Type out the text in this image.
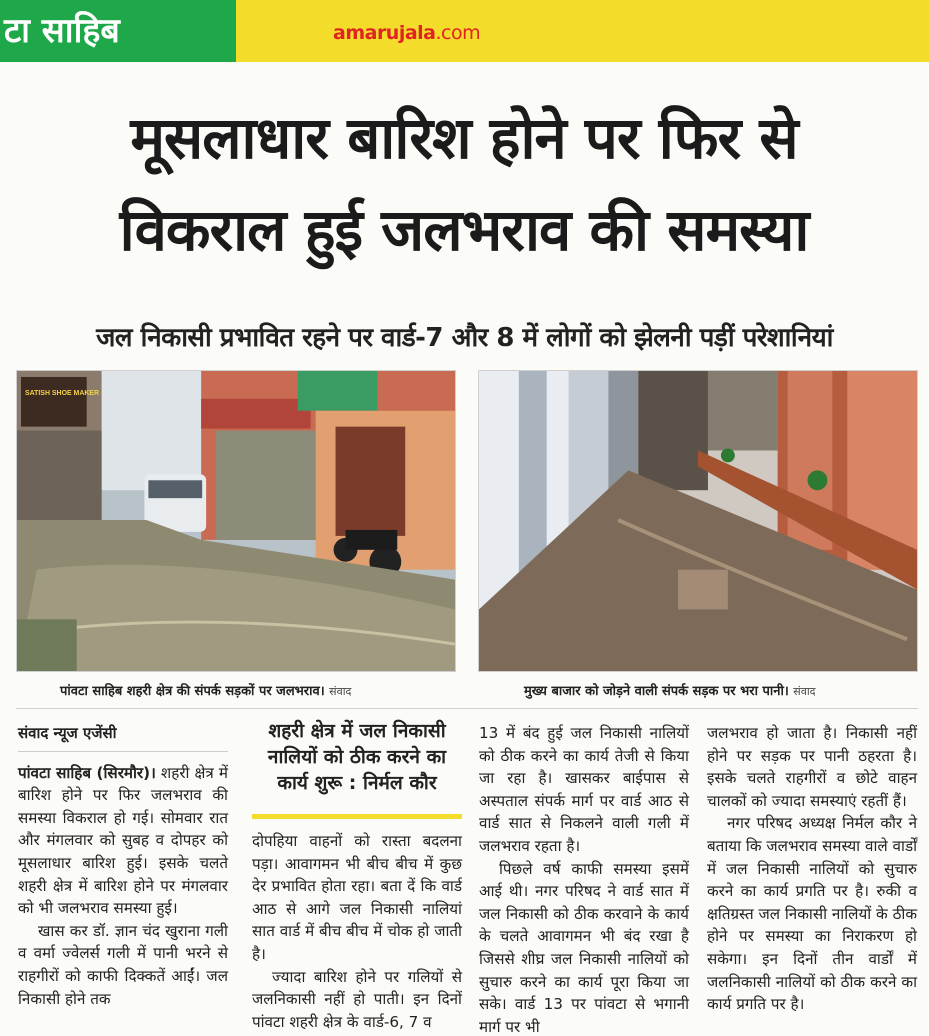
टा साहिब	amarujala.com
मूसलाधार बारिश होने पर फिर से
विकराल हुई जलभराव की समस्या
जल निकासी प्रभावित रहने पर वार्ड-7 और 8 में लोगों को झेलनी पड़ीं परेशानियां
SATISH SHOE MAKER
पांवटा साहिब शहरी क्षेत्र की संपर्क सड़कों पर जलभराव। संवाद	मुख्य बाजार को जोड़ने वाली संपर्क सड़क पर भरा पानी। संवाद
संवाद न्यूज एजेंसी

पांवटा साहिब (सिरमौर)। शहरी क्षेत्र में बारिश होने पर फिर जलभराव की समस्या विकराल हो गई। सोमवार रात और मंगलवार को सुबह व दोपहर को मूसलाधार बारिश हुई। इसके चलते शहरी क्षेत्र में बारिश होने पर मंगलवार को भी जलभराव समस्या हुई।

खास कर डॉ. ज्ञान चंद खुराना गली व वर्मा ज्वेलर्स गली में पानी भरने से राहगीरों को काफी दिक्कतें आईं। जल निकासी होने तक

शहरी क्षेत्र में जल निकासी नालियों को ठीक करने का कार्य शुरू : निर्मल कौर

दोपहिया वाहनों को रास्ता बदलना पड़ा। आवागमन भी बीच बीच में कुछ देर प्रभावित होता रहा। बता दें कि वार्ड आठ से आगे जल निकासी नालियां सात वार्ड में बीच बीच में चोक हो जाती है।

ज्यादा बारिश होने पर गलियों से जलनिकासी नहीं हो पाती। इन दिनों पांवटा शहरी क्षेत्र के वार्ड-6, 7 व

13 में बंद हुई जल निकासी नालियों को ठीक करने का कार्य तेजी से किया जा रहा है। खासकर बाईपास से अस्पताल संपर्क मार्ग पर वार्ड आठ से वार्ड सात से निकलने वाली गली में जलभराव रहता है।

पिछले वर्ष काफी समस्या इसमें आई थी। नगर परिषद ने वार्ड सात में जल निकासी को ठीक करवाने के कार्य के चलते आवागमन भी बंद रखा है जिससे शीघ्र जल निकासी नालियों को सुचारु करने का कार्य पूरा किया जा सके। वार्ड 13 पर पांवटा से भगानी मार्ग पर भी

जलभराव हो जाता है। निकासी नहीं होने पर सड़क पर पानी ठहरता है। इसके चलते राहगीरों व छोटे वाहन चालकों को ज्यादा समस्याएं रहतीं हैं।

नगर परिषद अध्यक्ष निर्मल कौर ने बताया कि जलभराव समस्या वाले वार्डों में जल निकासी नालियों को सुचारु करने का कार्य प्रगति पर है। रुकी व क्षतिग्रस्त जल निकासी नालियों के ठीक होने पर समस्या का निराकरण हो सकेगा। इन दिनों तीन वार्डों में जलनिकासी नालियों को ठीक करने का कार्य प्रगति पर है।
